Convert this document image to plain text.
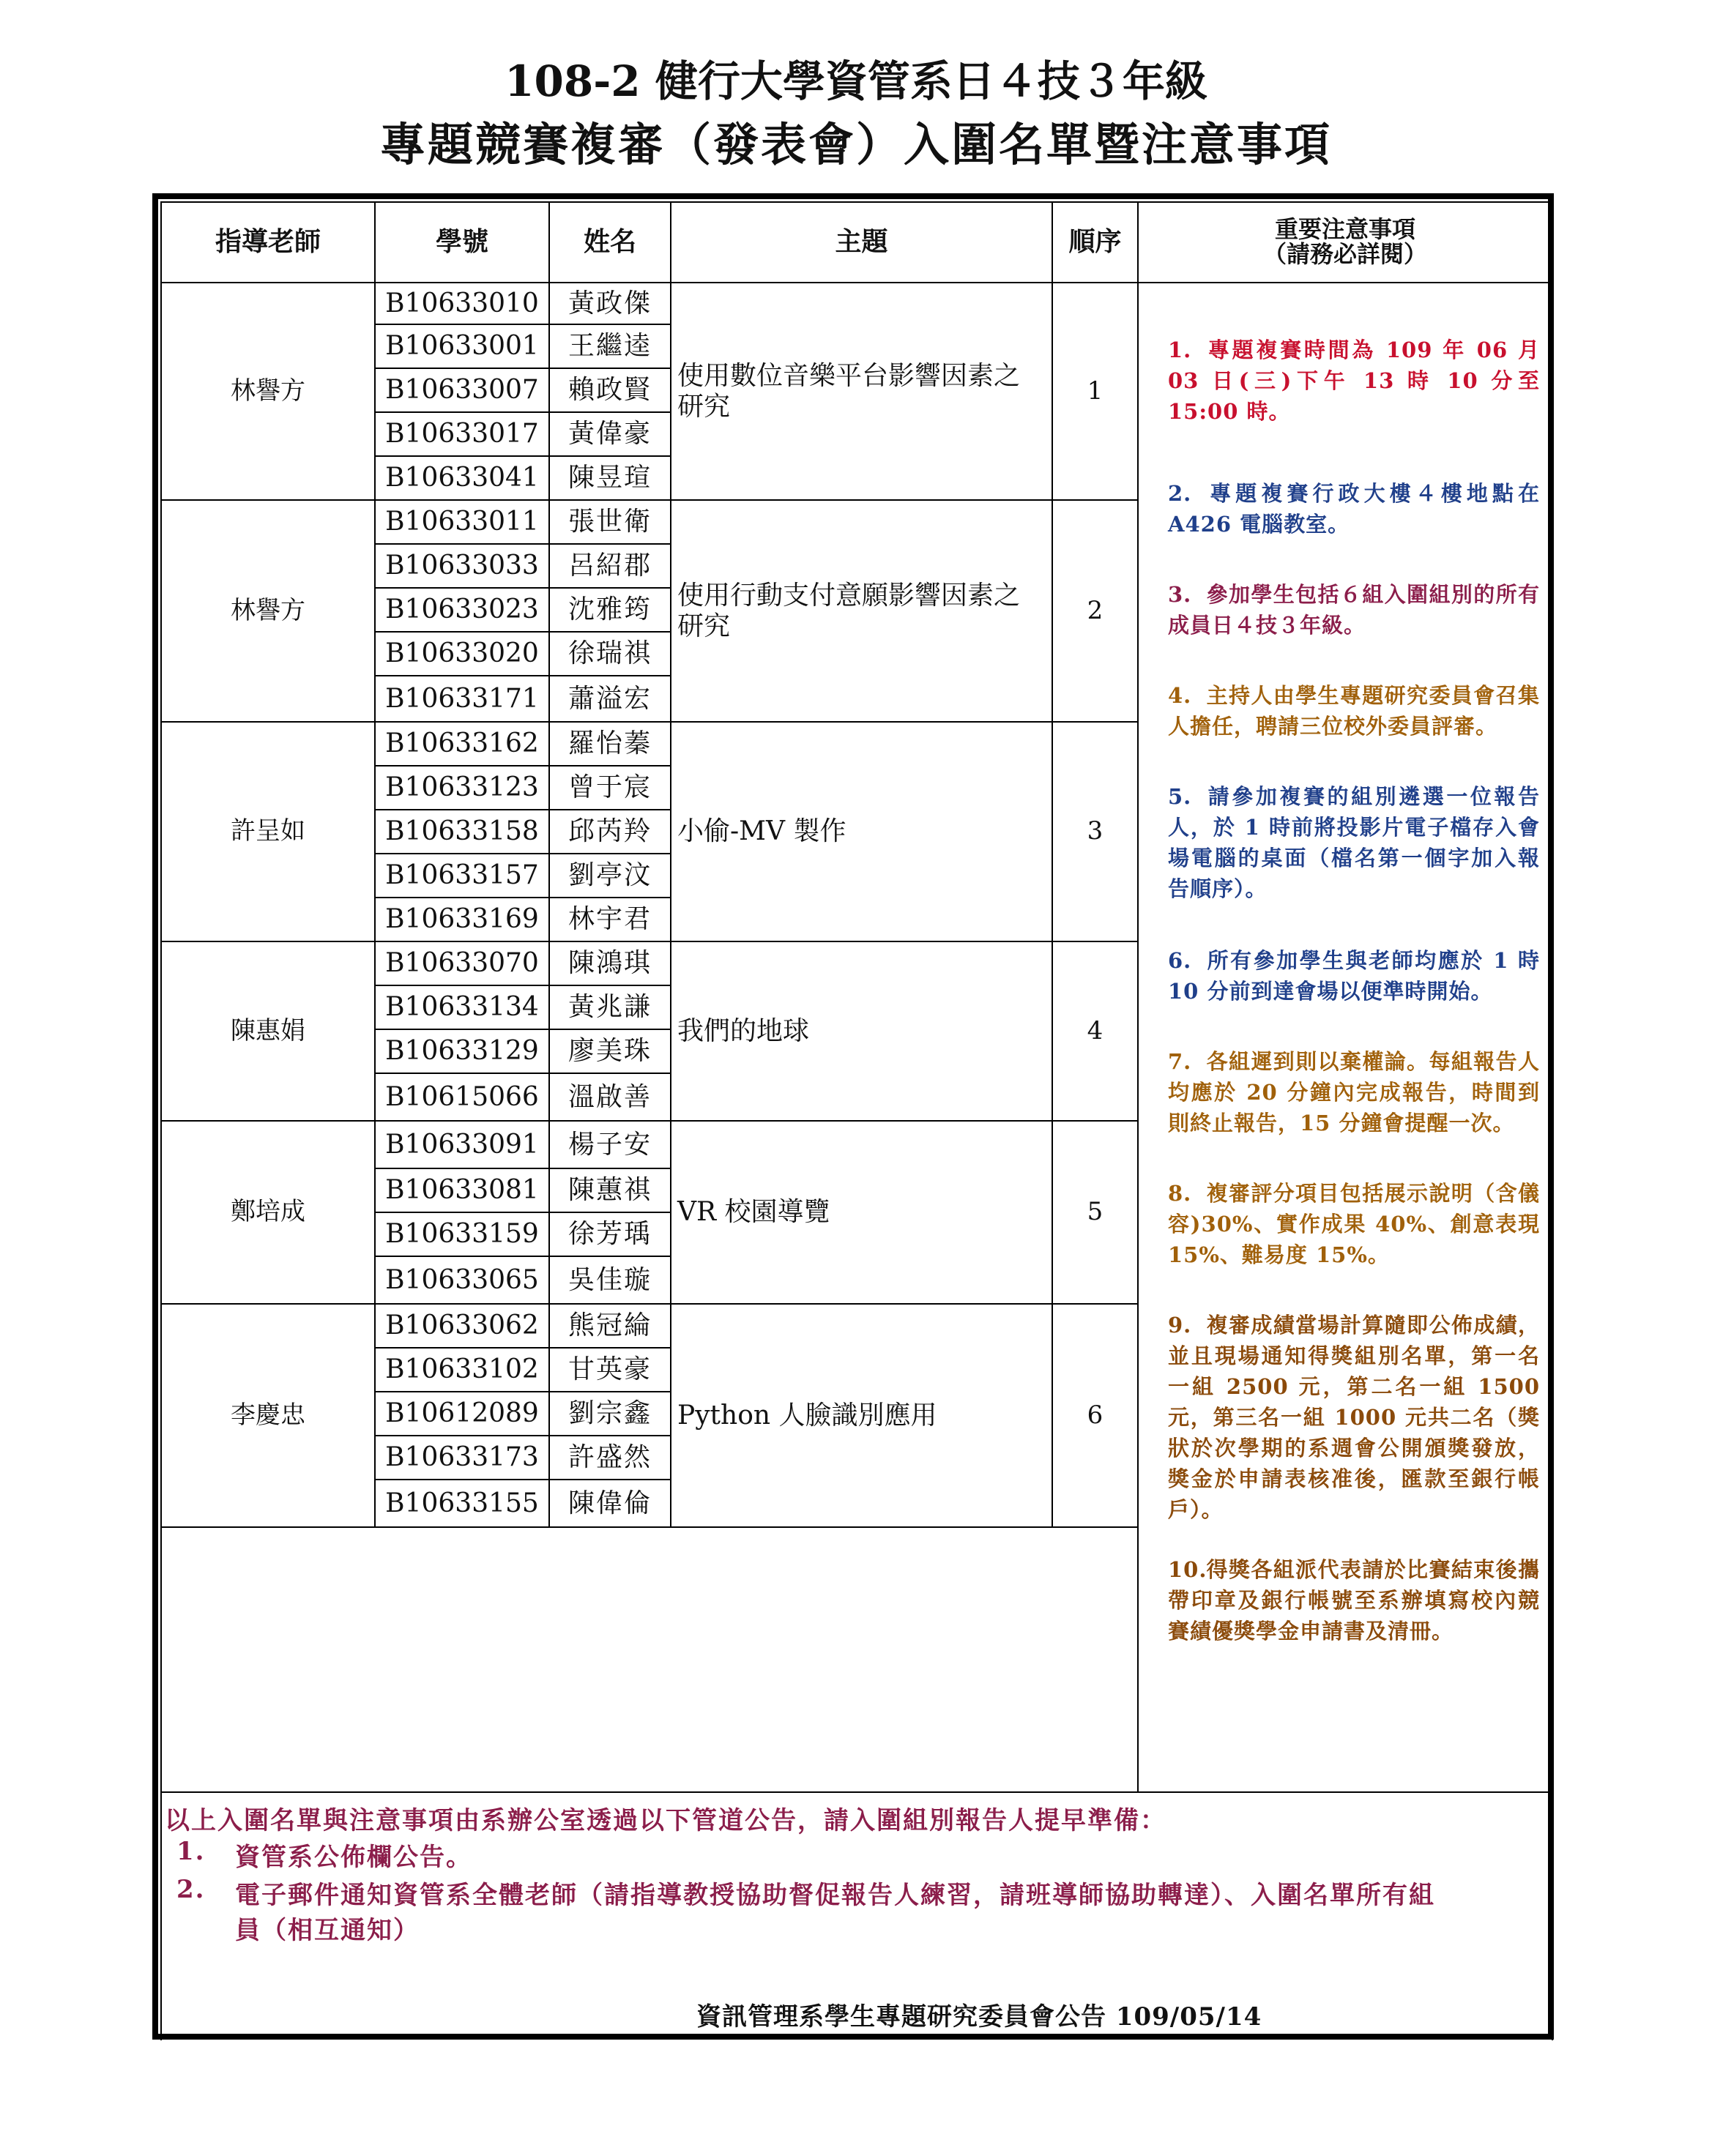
108-2 健行大學資管系日４技３年級
專題競賽複審（發表會）入圍名單暨注意事項
指導老師	學號	姓名	主題	順序	重要注意事項
（請務必詳閱）
林譽方	使用數位音樂平台影響因素之研究
1
B10633010	黃政傑
B10633001	王繼逵
B10633007	賴政賢
B10633017	黃偉豪
B10633041	陳昱瑄
林譽方	使用行動支付意願影響因素之研究
2
B10633011	張世衛
B10633033	呂紹郡
B10633023	沈雅筠
B10633020	徐瑞祺
B10633171	蕭溢宏
許呈如	小偷-MV 製作	3
B10633162	羅怡蓁
B10633123	曾于宸
B10633158	邱芮羚
B10633157	劉亭汶
B10633169	林宇君
陳惠娟	我們的地球	4
B10633070	陳鴻琪
B10633134	黃兆謙
B10633129	廖美珠
B10615066	溫啟善
鄭培成	VR 校園導覽	5
B10633091	楊子安
B10633081	陳蕙祺
B10633159	徐芳瑀
B10633065	吳佳璇
李慶忠	Python 人臉識別應用	6
B10633062	熊冠綸
B10633102	甘英豪
B10612089	劉宗鑫
B10633173	許盛然
B10633155	陳偉倫
1. 專題複賽時間為 109 年 06 月 03 日(三)下午 13 時 10 分至 15:00 時。
2. 專題複賽行政大樓４樓地點在 A426 電腦教室。
3. 參加學生包括６組入圍組別的所有成員日４技３年級。
4. 主持人由學生專題研究委員會召集人擔任，聘請三位校外委員評審。
5. 請參加複賽的組別遴選一位報告人，於 1 時前將投影片電子檔存入會場電腦的桌面（檔名第一個字加入報告順序）。
6. 所有參加學生與老師均應於 1 時 10 分前到達會場以便準時開始。
7. 各組遲到則以棄權論。每組報告人均應於 20 分鐘內完成報告，時間到則終止報告，15 分鐘會提醒一次。
8. 複審評分項目包括展示說明（含儀容)30%、實作成果 40%、創意表現 15%、難易度 15%。
9. 複審成績當場計算隨即公佈成績，並且現場通知得獎組別名單，第一名一組 2500 元，第二名一組 1500 元，第三名一組 1000 元共二名（獎狀於次學期的系週會公開頒獎發放，獎金於申請表核准後，匯款至銀行帳戶）。
10.得獎各組派代表請於比賽結束後攜帶印章及銀行帳號至系辦填寫校內競賽績優獎學金申請書及清冊。
以上入圍名單與注意事項由系辦公室透過以下管道公告，請入圍組別報告人提早準備：
1. 資管系公佈欄公告。
2. 電子郵件通知資管系全體老師（請指導教授協助督促報告人練習，請班導師協助轉達）、入圍名單所有組
員（相互通知）
資訊管理系學生專題研究委員會公告 109/05/14
